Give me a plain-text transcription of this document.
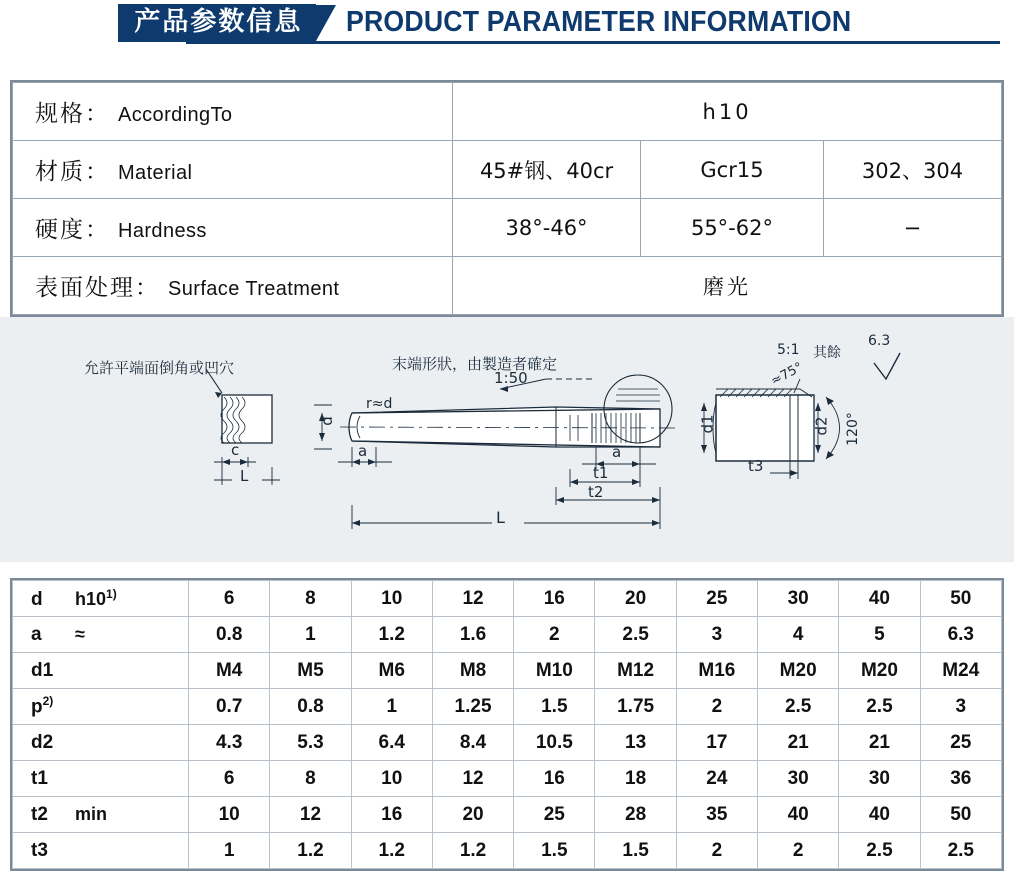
产品参数信息	PRODUCT PARAMETER INFORMATION
规格： AccordingTo	h10		
材质： Material	45#钢、40cr	Gcr15	302、304
硬度： Hardness	38°-46°	55°-62°	−
表面处理： Surface Treatment	磨光		
允許平端面倒角或凹穴	末端形狀，由製造者確定
1:50
5:1 其餘
6.3
r≈d
≈75°
120°
d	d1	d2
a	a
c
L
L
t1
t2
t3
d h10$^{1)}$	6	8	10	12	16	20	25	30	40	50
a ≈	0.8	1	1.2	1.6	2	2.5	3	4	5	6.3
d1	M4	M5	M6	M8	M10	M12	M16	M20	M20	M24
$p^{2)}$	0.7	0.8	1	1.25	1.5	1.75	2	2.5	2.5	3
d2	4.3	5.3	6.4	8.4	10.5	13	17	21	21	25
t1	6	8	10	12	16	18	24	30	30	36
t2 min	10	12	16	20	25	28	35	40	40	50
t3	1	1.2	1.2	1.2	1.5	1.5	2	2	2.5	2.5
